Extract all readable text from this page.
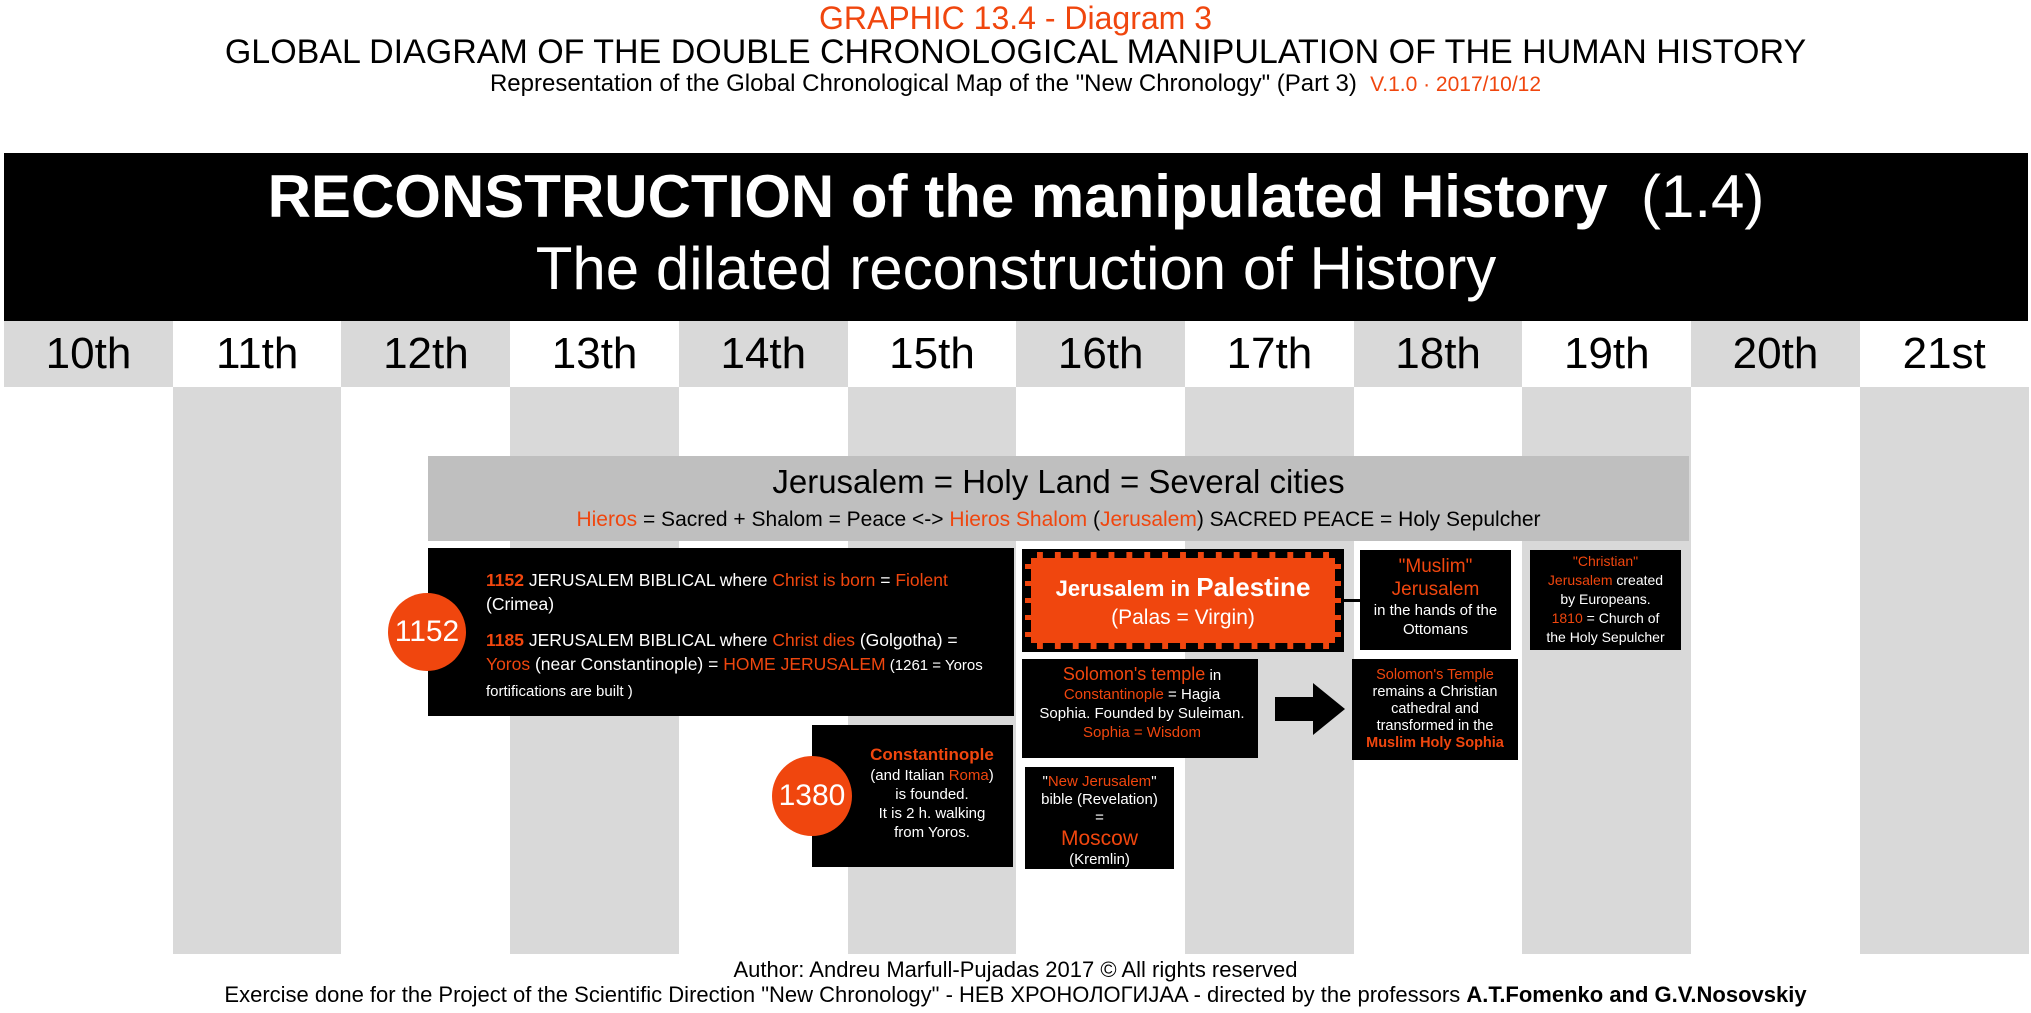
GRAPHIC 13.4 - Diagram 3
GLOBAL DIAGRAM OF THE DOUBLE CHRONOLOGICAL MANIPULATION OF THE HUMAN HISTORY
Representation of the Global Chronological Map of the "New Chronology" (Part 3) V.1.0 · 2017/10/12
RECONSTRUCTION of the manipulated History (1.4)
The dilated reconstruction of History
10th	11th	12th	13th	14th	15th	16th	17th	18th	19th	20th	21st
Jerusalem = Holy Land = Several cities
Hieros = Sacred + Shalom = Peace <-> Hieros Shalom (Jerusalem) SACRED PEACE = Holy Sepulcher
1152 JERUSALEM BIBLICAL where Christ is born = Fiolent
(Crimea)
1185 JERUSALEM BIBLICAL where Christ dies (Golgotha) = Yoros (near Constantinople) = HOME JERUSALEM (1261 = Yoros fortifications are built )
1152
Constantinople
(and Italian Roma)
is founded.
It is 2 h. walking
from Yoros.
1380
Jerusalem in Palestine
(Palas = Virgin)
Solomon's temple in
Constantinople = Hagia
Sophia. Founded by Suleiman.
Sophia = Wisdom
"New Jerusalem"
bible (Revelation)
=
Moscow
(Kremlin)
"Muslim"
Jerusalem
in the hands of the
Ottomans
"Christian"
Jerusalem created
by Europeans.
1810 = Church of
the Holy Sepulcher
Solomon's Temple
remains a Christian
cathedral and
transformed in the
Muslim Holy Sophia
Author: Andreu Marfull-Pujadas 2017 © All rights reserved
Exercise done for the Project of the Scientific Direction "New Chronology" - НЕВ ХРОНОЛОГИJAA - directed by the professors A.T.Fomenko and G.V.Nosovskiy
